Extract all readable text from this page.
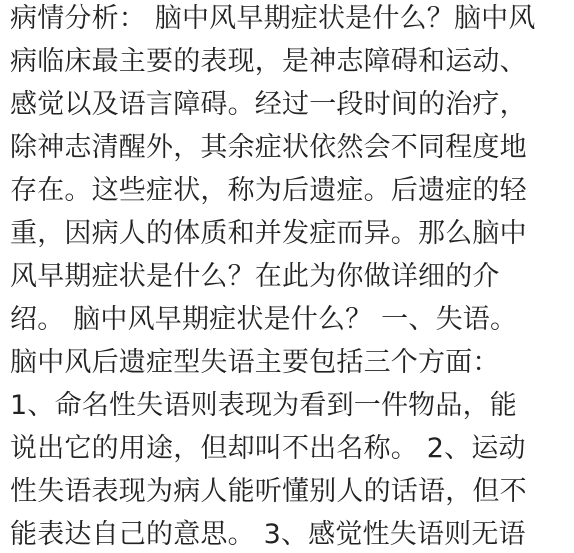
病情分析： 脑中风早期症状是什么？脑中风
病临床最主要的表现，是神志障碍和运动、
感觉以及语言障碍。经过一段时间的治疗，
除神志清醒外，其余症状依然会不同程度地
存在。这些症状，称为后遗症。后遗症的轻
重，因病人的体质和并发症而异。那么脑中
风早期症状是什么？在此为你做详细的介
绍。 脑中风早期症状是什么？ 一、失语。
脑中风后遗症型失语主要包括三个方面：
1、命名性失语则表现为看到一件物品，能
说出它的用途，但却叫不出名称。 2、运动
性失语表现为病人能听懂别人的话语，但不
能表达自己的意思。 3、感觉性失语则无语
